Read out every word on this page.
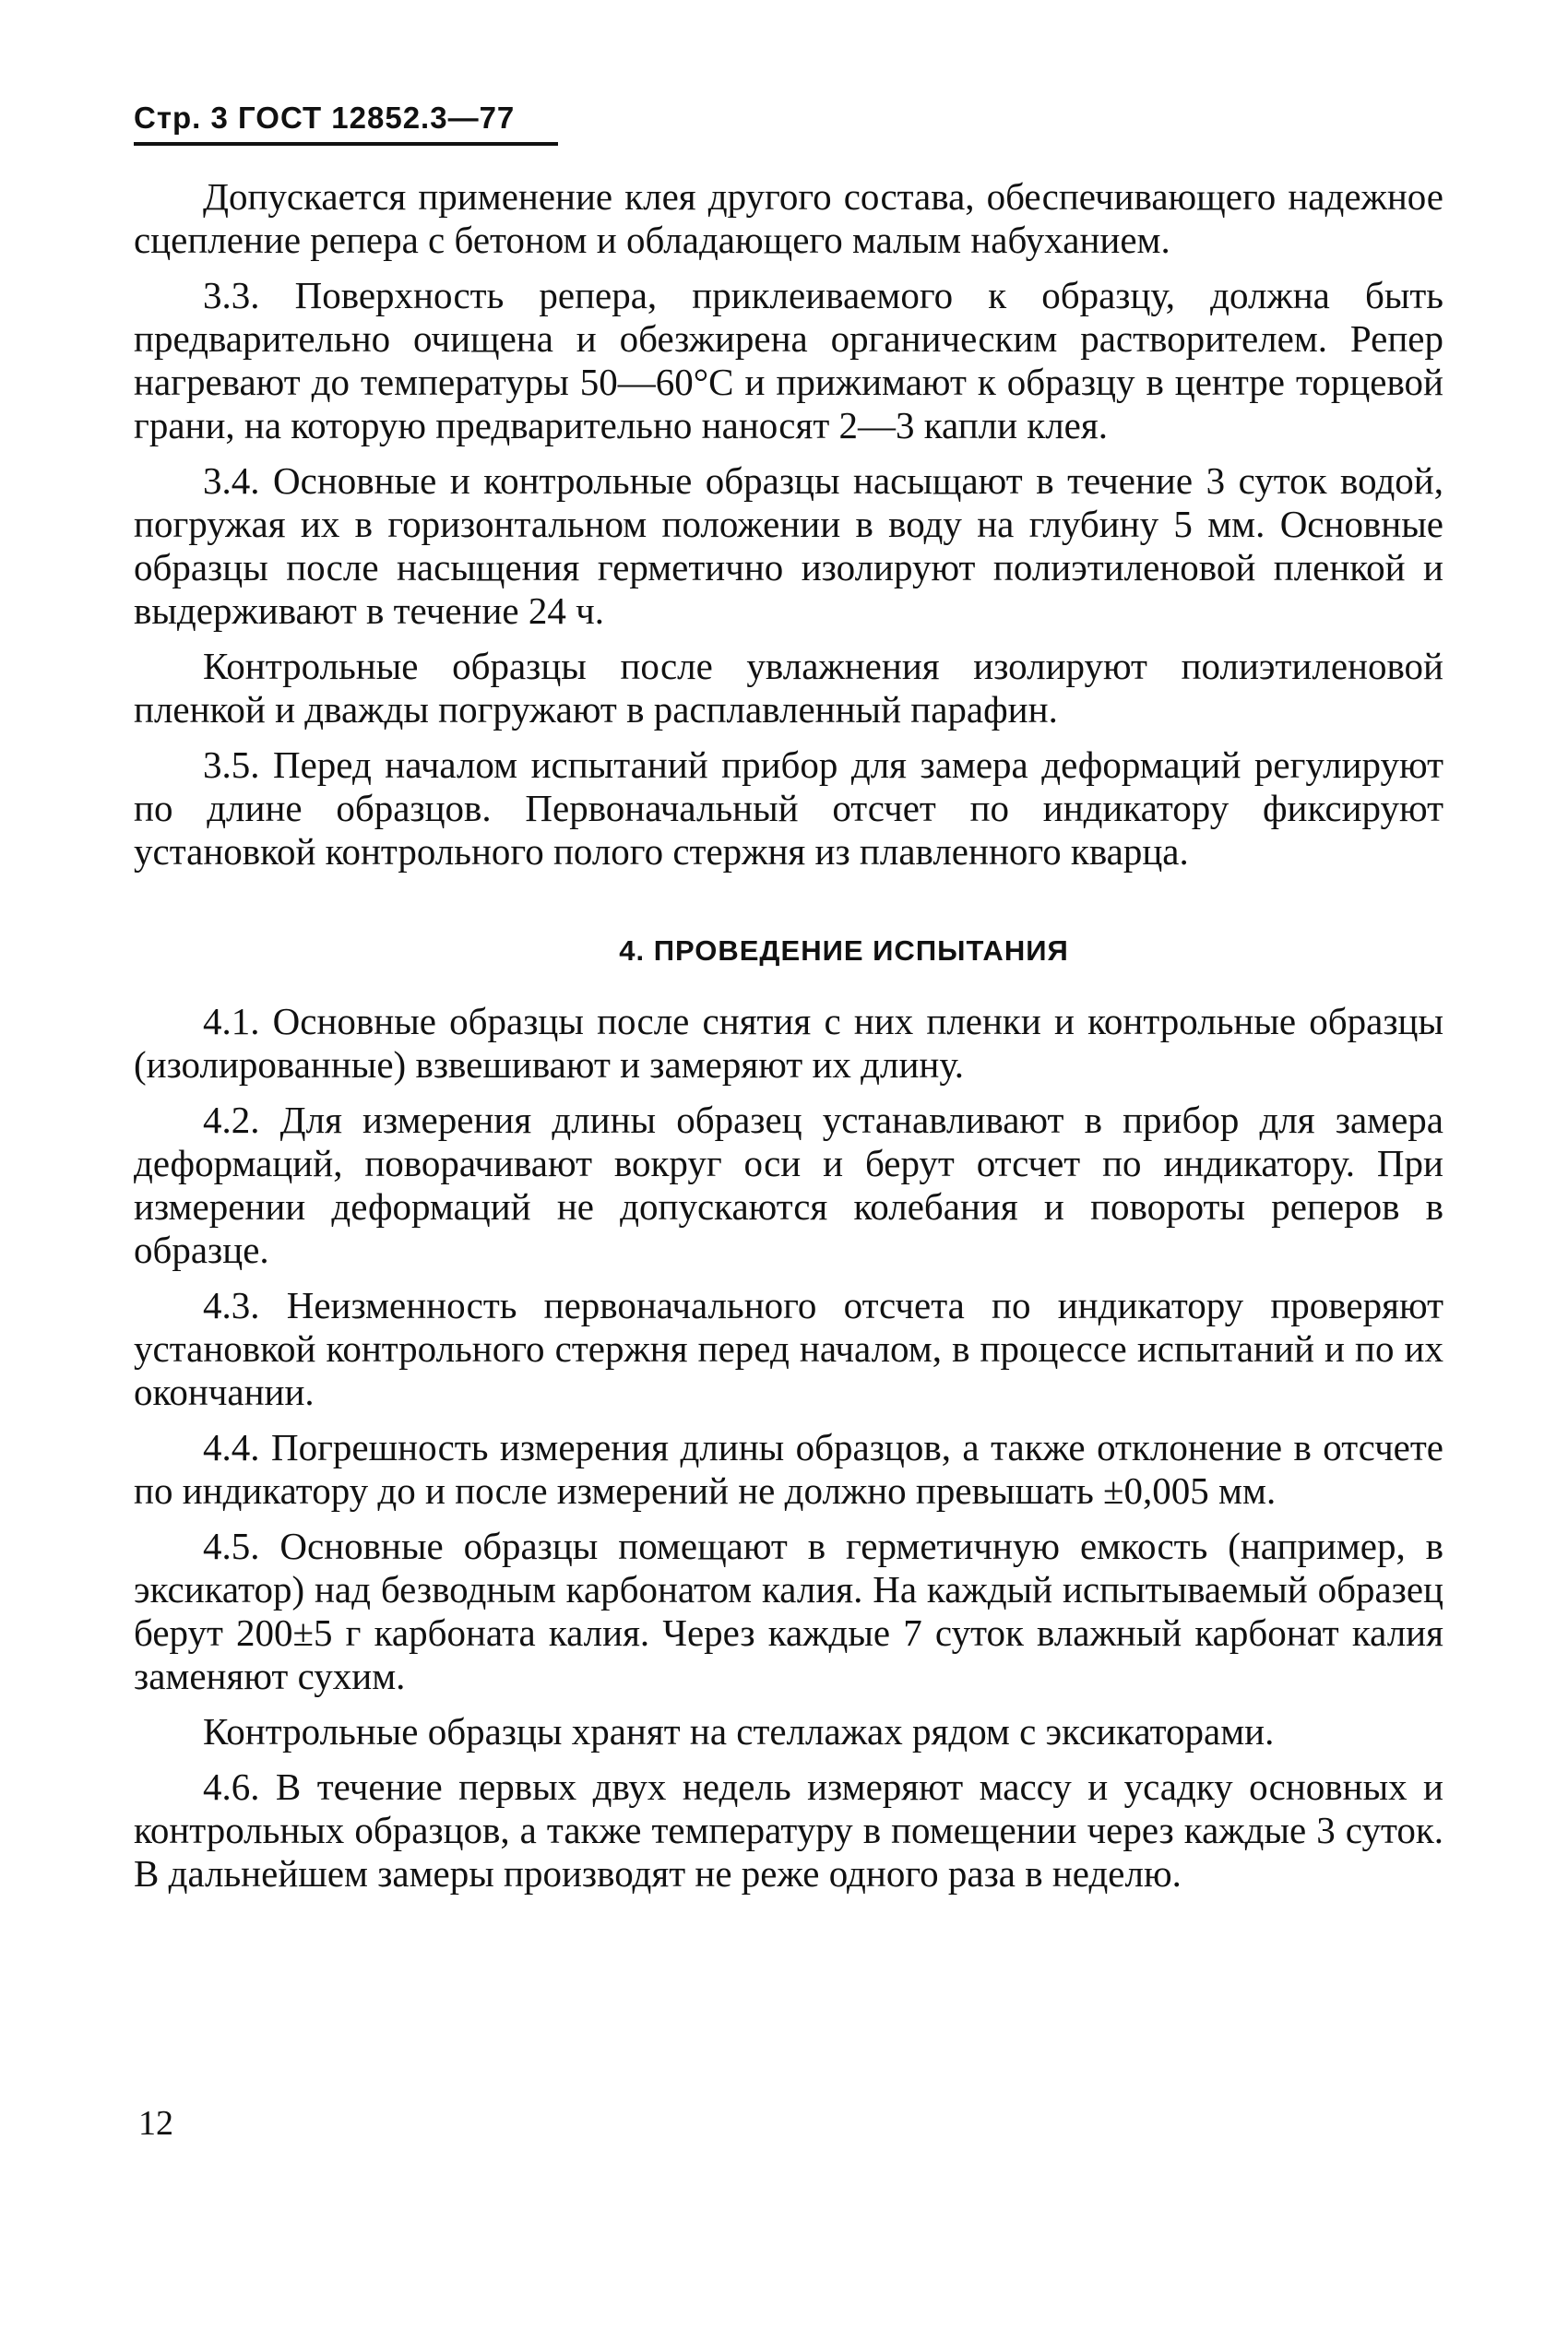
Стр. 3 ГОСТ 12852.3—77

Допускается применение клея другого состава, обеспечивающего надежное сцепление репера с бетоном и обладающего малым набуханием.

3.3. Поверхность репера, приклеиваемого к образцу, должна быть предварительно очищена и обезжирена органическим растворителем. Репер нагревают до температуры 50—60°С и прижимают к образцу в центре торцевой грани, на которую предварительно наносят 2—3 капли клея.

3.4. Основные и контрольные образцы насыщают в течение 3 суток водой, погружая их в горизонтальном положении в воду на глубину 5 мм. Основные образцы после насыщения герметично изолируют полиэтиленовой пленкой и выдерживают в течение 24 ч.

Контрольные образцы после увлажнения изолируют полиэтиленовой пленкой и дважды погружают в расплавленный парафин.

3.5. Перед началом испытаний прибор для замера деформаций регулируют по длине образцов. Первоначальный отсчет по индикатору фиксируют установкой контрольного полого стержня из плавленного кварца.

4. ПРОВЕДЕНИЕ ИСПЫТАНИЯ

4.1. Основные образцы после снятия с них пленки и контрольные образцы (изолированные) взвешивают и замеряют их длину.

4.2. Для измерения длины образец устанавливают в прибор для замера деформаций, поворачивают вокруг оси и берут отсчет по индикатору. При измерении деформаций не допускаются колебания и повороты реперов в образце.

4.3. Неизменность первоначального отсчета по индикатору проверяют установкой контрольного стержня перед началом, в процессе испытаний и по их окончании.

4.4. Погрешность измерения длины образцов, а также отклонение в отсчете по индикатору до и после измерений не должно превышать ±0,005 мм.

4.5. Основные образцы помещают в герметичную емкость (например, в эксикатор) над безводным карбонатом калия. На каждый испытываемый образец берут 200±5 г карбоната калия. Через каждые 7 суток влажный карбонат калия заменяют сухим.

Контрольные образцы хранят на стеллажах рядом с эксикаторами.

4.6. В течение первых двух недель измеряют массу и усадку основных и контрольных образцов, а также температуру в помещении через каждые 3 суток. В дальнейшем замеры производят не реже одного раза в неделю.

12
